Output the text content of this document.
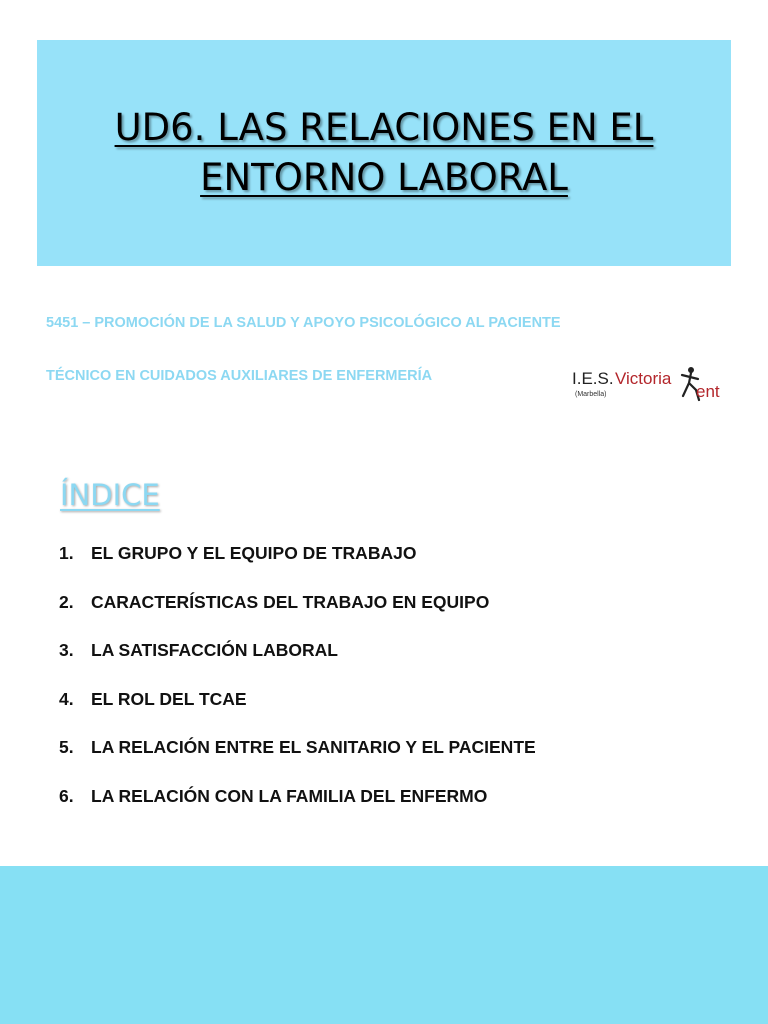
UD6. LAS RELACIONES EN EL
ENTORNO LABORAL
5451 – PROMOCIÓN DE LA SALUD Y APOYO PSICOLÓGICO AL PACIENTE
TÉCNICO EN CUIDADOS AUXILIARES DE ENFERMERÍA	I.E.S. Victoria
(Marbella)	ent
ÍNDICE
1. EL GRUPO Y EL EQUIPO DE TRABAJO
2. CARACTERÍSTICAS DEL TRABAJO EN EQUIPO
3. LA SATISFACCIÓN LABORAL
4. EL ROL DEL TCAE
5. LA RELACIÓN ENTRE EL SANITARIO Y EL PACIENTE
6. LA RELACIÓN CON LA FAMILIA DEL ENFERMO
